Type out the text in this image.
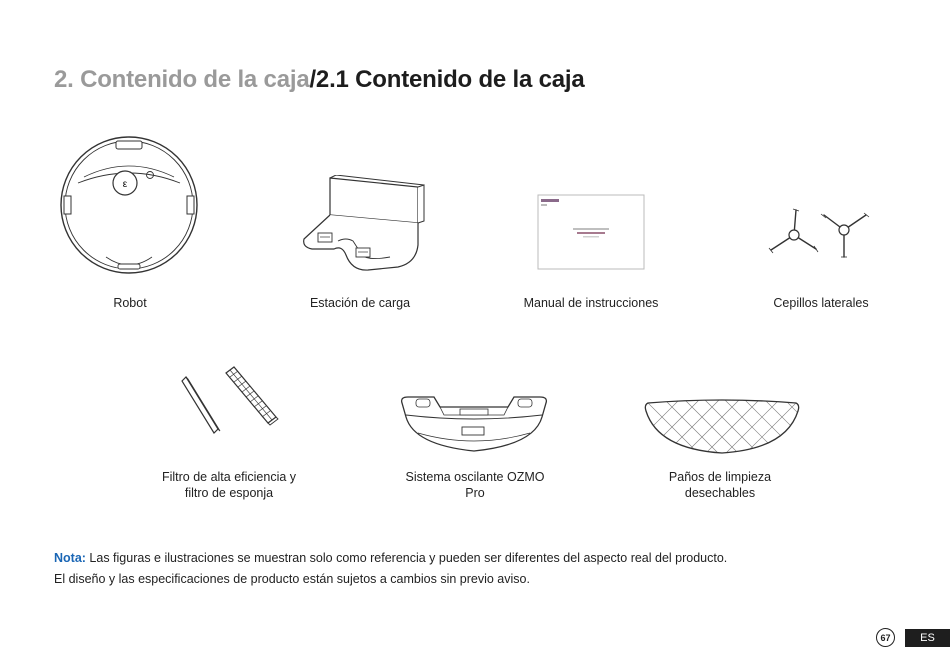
2. Contenido de la caja/2.1 Contenido de la caja
ε
Robot	Estación de carga	Manual de instrucciones	Cepillos laterales
Filtro de alta eficiencia y
filtro de esponja
Sistema oscilante OZMO
Pro
Paños de limpieza
desechables
Nota: Las figuras e ilustraciones se muestran solo como referencia y pueden ser diferentes del aspecto real del producto.
El diseño y las especificaciones de producto están sujetos a cambios sin previo aviso.
67	ES
